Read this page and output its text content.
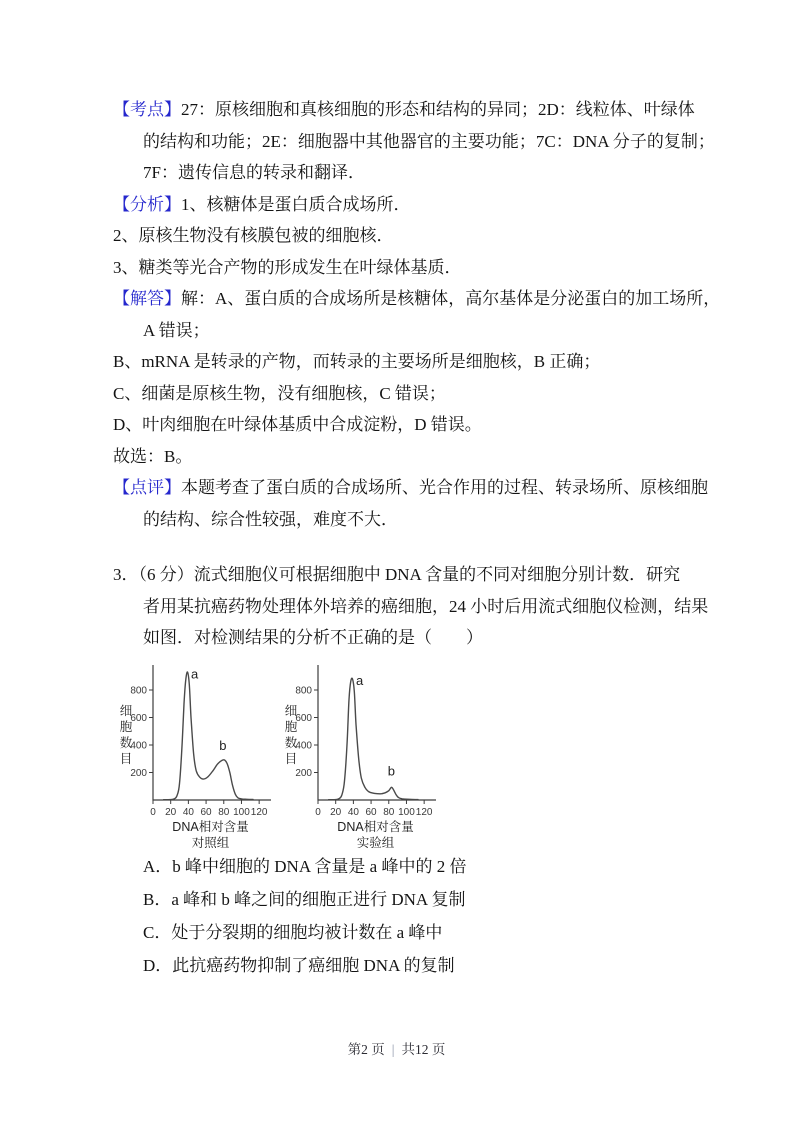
【考点】27：原核细胞和真核细胞的形态和结构的异同；2D：线粒体、叶绿体
的结构和功能；2E：细胞器中其他器官的主要功能；7C：DNA 分子的复制；
7F：遗传信息的转录和翻译．
【分析】1、核糖体是蛋白质合成场所．
2、原核生物没有核膜包被的细胞核．
3、糖类等光合产物的形成发生在叶绿体基质．
【解答】解：A、蛋白质的合成场所是核糖体，高尔基体是分泌蛋白的加工场所，
A 错误；
B、mRNA 是转录的产物，而转录的主要场所是细胞核，B 正确；
C、细菌是原核生物，没有细胞核，C 错误；
D、叶肉细胞在叶绿体基质中合成淀粉，D 错误。
故选：B。
【点评】本题考查了蛋白质的合成场所、光合作用的过程、转录场所、原核细胞
的结构、综合性较强，难度不大．
3．（6 分）流式细胞仪可根据细胞中 DNA 含量的不同对细胞分别计数．研究
者用某抗癌药物处理体外培养的癌细胞，24 小时后用流式细胞仪检测，结果
如图．对检测结果的分析不正确的是（　　）
200
400
600
800
0 20 40 60 80 100 120
细
胞
数
目
DNA相对含量
对照组
a
b
200
400
600
800
0 20 40 60 80 100 120
细
胞
数
目
DNA相对含量
实验组
a
b
A．b 峰中细胞的 DNA 含量是 a 峰中的 2 倍
B．a 峰和 b 峰之间的细胞正进行 DNA 复制
C．处于分裂期的细胞均被计数在 a 峰中
D．此抗癌药物抑制了癌细胞 DNA 的复制
第2 页 | 共12 页
